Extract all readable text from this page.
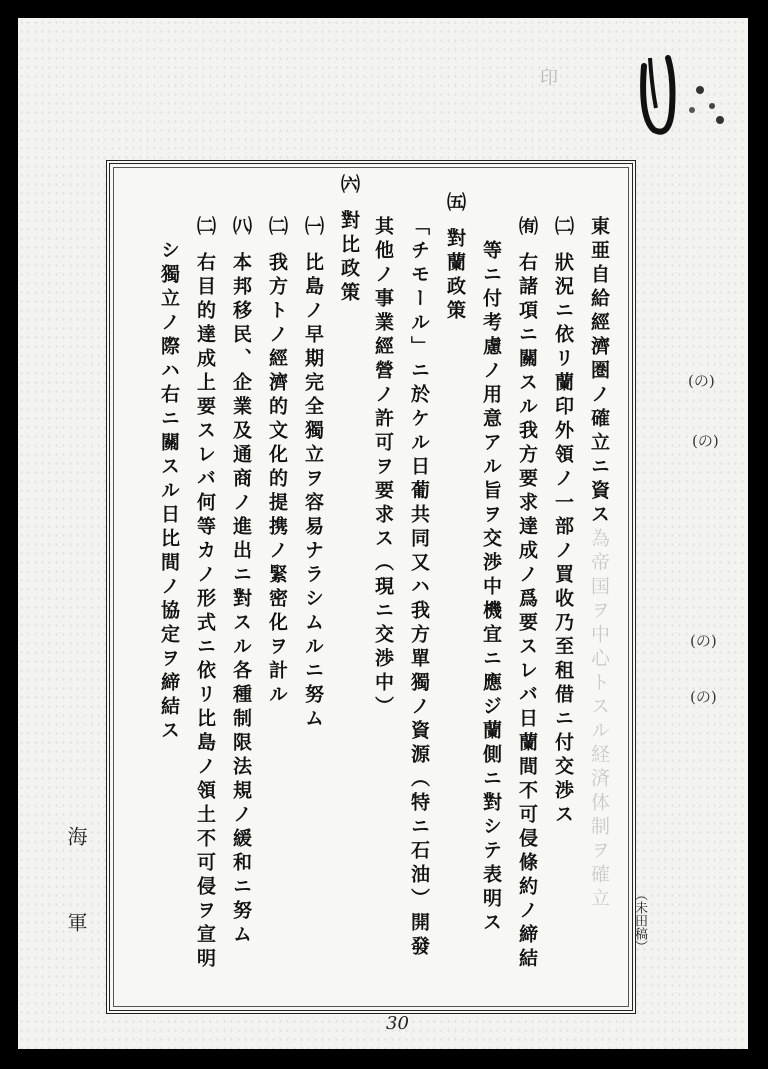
印
東亜自給經濟圏ノ確立ニ資ス為帝国ヲ中心トスル経済体制ヲ確立
㈡ 狀況ニ依リ蘭印外領ノ一部ノ買收乃至租借ニ付交渉ス
㈲ 右諸項ニ關スル我方要求達成ノ爲要スレバ日蘭間不可侵條約ノ締結
等ニ付考慮ノ用意アル旨ヲ交渉中機宜ニ應ジ蘭側ニ對シテ表明ス
㈤ 對蘭政策
「チモール」ニ於ケル日葡共同又ハ我方單獨ノ資源（特ニ石油）開發
其他ノ事業經營ノ許可ヲ要求ス（現ニ交渉中）
㈥ 對比政策
㈠ 比島ノ早期完全獨立ヲ容易ナラシムルニ努ム
㈡ 我方トノ經濟的文化的提携ノ緊密化ヲ計ル
㈧ 本邦移民、企業及通商ノ進出ニ對スル各種制限法規ノ緩和ニ努ム
㈡ 右目的達成上要スレバ何等カノ形式ニ依リ比島ノ領土不可侵ヲ宣明
シ獨立ノ際ハ右ニ關スル日比間ノ協定ヲ締結ス	(の)
(の)
(の)
(の)
（未田稿）
海
軍
30
